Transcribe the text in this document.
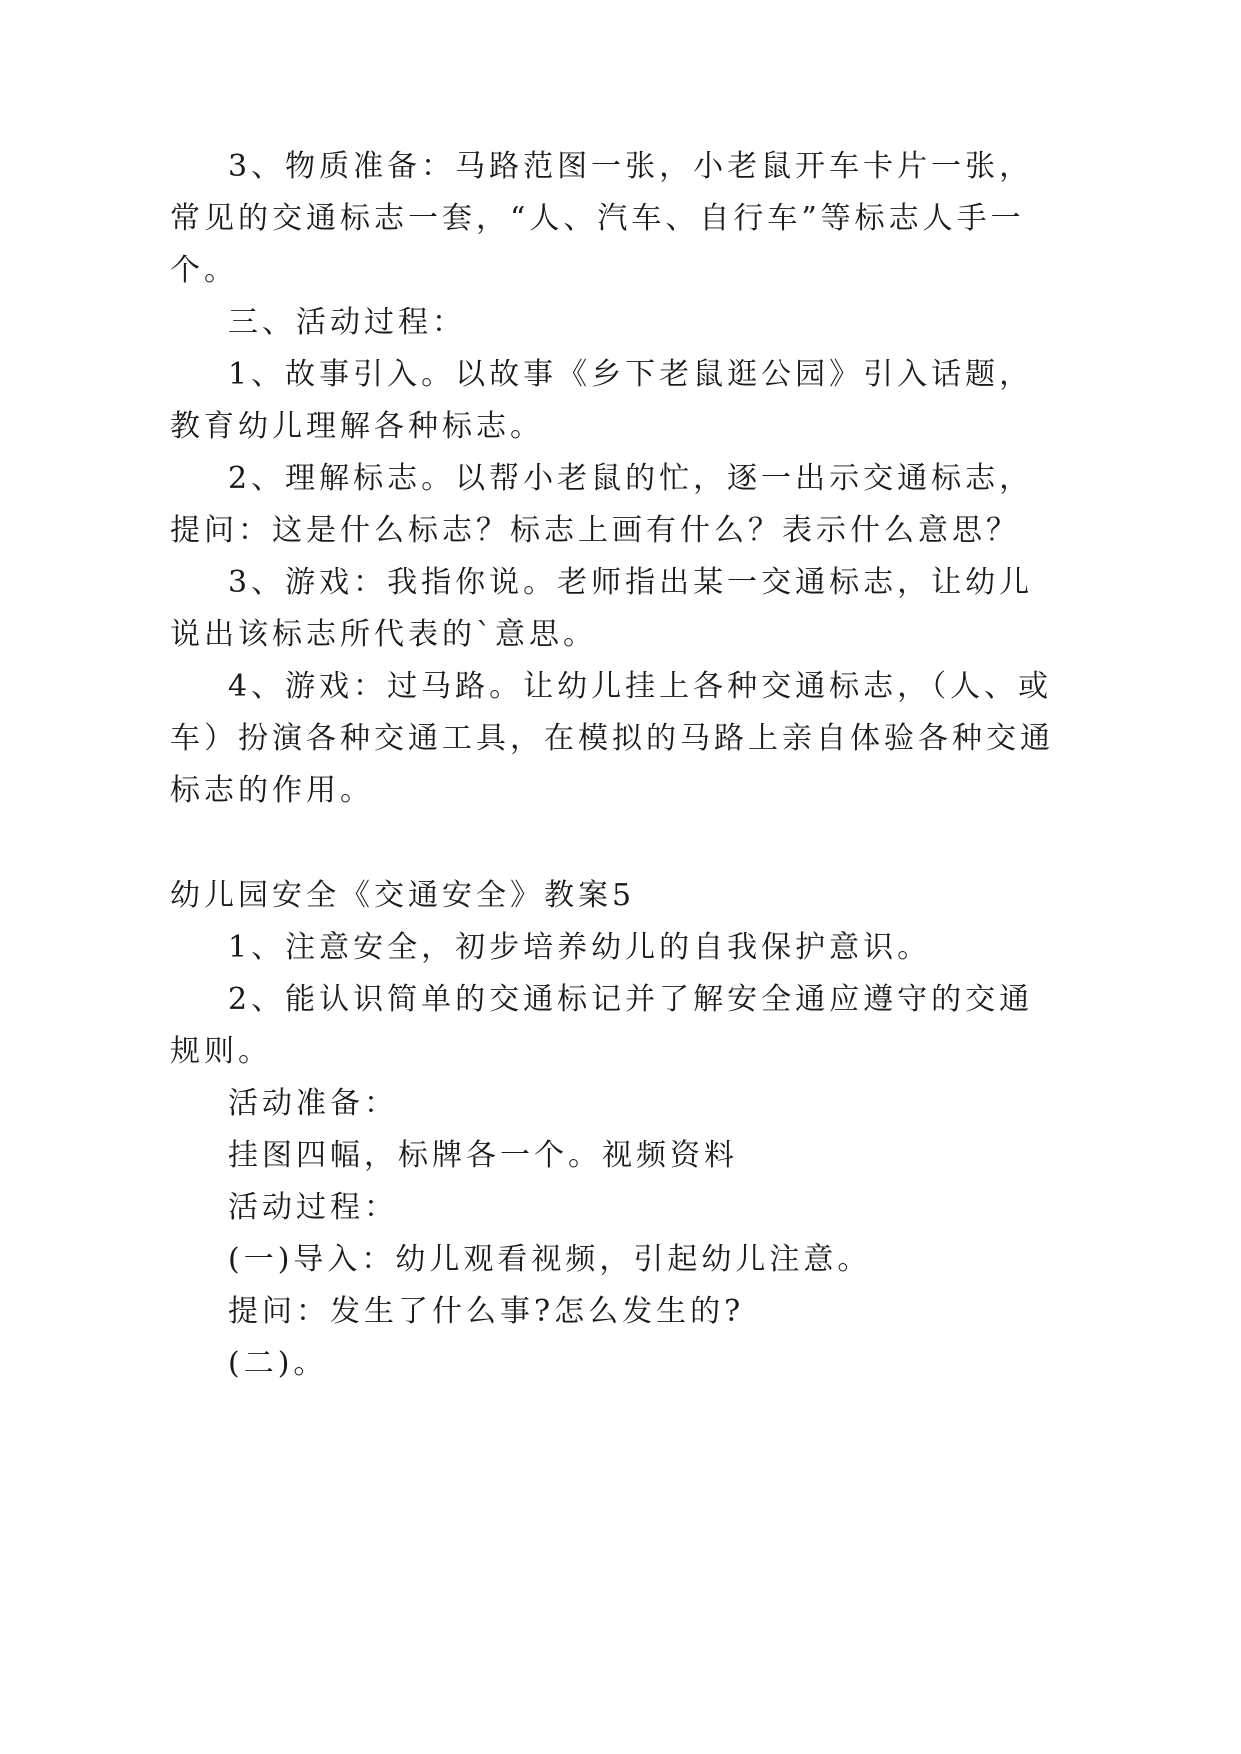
3、物质准备：马路范图一张，小老鼠开车卡片一张，
常见的交通标志一套，“人、汽车、自行车”等标志人手一
个。
三、活动过程：
1、故事引入。以故事《乡下老鼠逛公园》引入话题，
教育幼儿理解各种标志。
2、理解标志。以帮小老鼠的忙，逐一出示交通标志，
提问：这是什么标志？标志上画有什么？表示什么意思？
3、游戏：我指你说。老师指出某一交通标志，让幼儿
说出该标志所代表的`意思。
4、游戏：过马路。让幼儿挂上各种交通标志，（人、或
车）扮演各种交通工具，在模拟的马路上亲自体验各种交通
标志的作用。
幼儿园安全《交通安全》教案5
1、注意安全，初步培养幼儿的自我保护意识。
2、能认识简单的交通标记并了解安全通应遵守的交通
规则。
活动准备：
挂图四幅，标牌各一个。视频资料
活动过程：
(一)导入：幼儿观看视频，引起幼儿注意。
提问：发生了什么事?怎么发生的?
(二)。
